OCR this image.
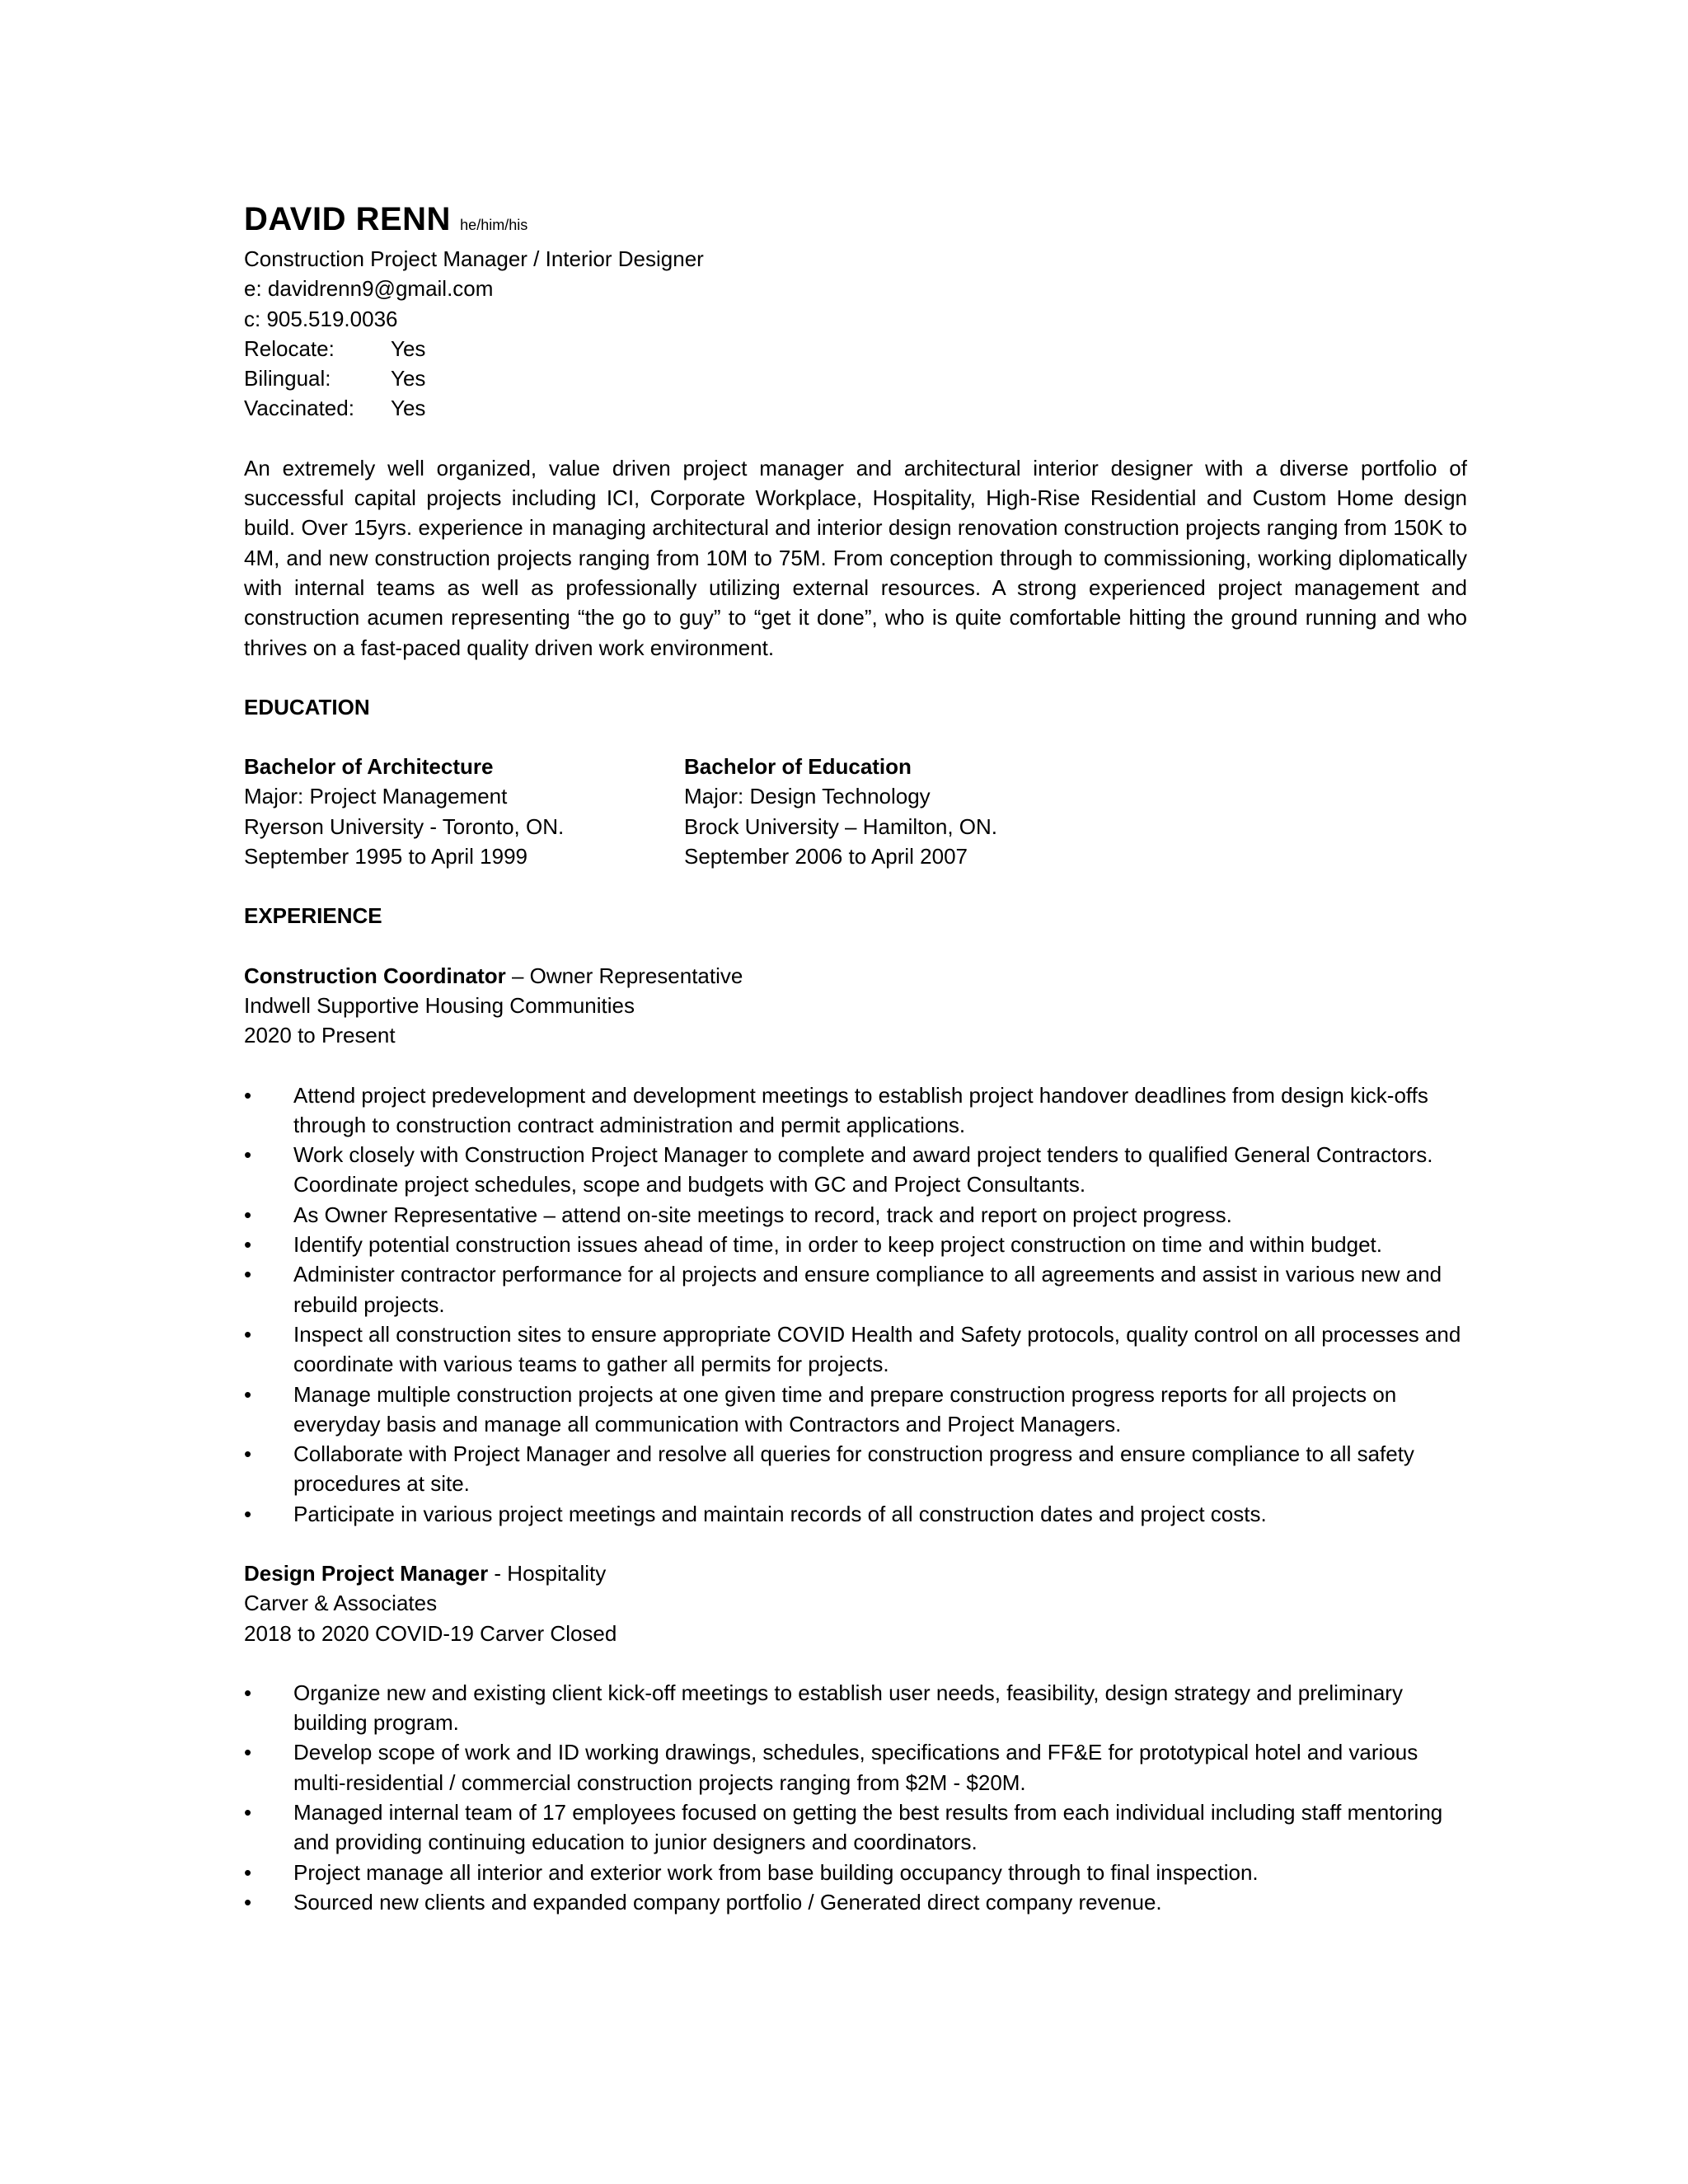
DAVID RENN he/him/his
Construction Project Manager / Interior Designer
e: davidrenn9@gmail.com
c: 905.519.0036
Relocate:	Yes
Bilingual:	Yes
Vaccinated: Yes
An extremely well organized, value driven project manager and architectural interior designer with a diverse portfolio of successful capital projects including ICI, Corporate Workplace, Hospitality, High-Rise Residential and Custom Home design build. Over 15yrs. experience in managing architectural and interior design renovation construction projects ranging from 150K to 4M, and new construction projects ranging from 10M to 75M. From conception through to commissioning, working diplomatically with internal teams as well as professionally utilizing external resources. A strong experienced project management and construction acumen representing “the go to guy” to “get it done”, who is quite comfortable hitting the ground running and who thrives on a fast-paced quality driven work environment.
EDUCATION
Bachelor of Architecture
Major: Project Management
Ryerson University - Toronto, ON.
September 1995 to April 1999
Bachelor of Education
Major: Design Technology
Brock University – Hamilton, ON.
September 2006 to April 2007
EXPERIENCE
Construction Coordinator – Owner Representative
Indwell Supportive Housing Communities
2020 to Present
• Attend project predevelopment and development meetings to establish project handover deadlines from design kick-offs through to construction contract administration and permit applications.
• Work closely with Construction Project Manager to complete and award project tenders to qualified General Contractors.
Coordinate project schedules, scope and budgets with GC and Project Consultants.
• As Owner Representative – attend on-site meetings to record, track and report on project progress.
• Identify potential construction issues ahead of time, in order to keep project construction on time and within budget.
• Administer contractor performance for al projects and ensure compliance to all agreements and assist in various new and rebuild projects.
• Inspect all construction sites to ensure appropriate COVID Health and Safety protocols, quality control on all processes and coordinate with various teams to gather all permits for projects.
• Manage multiple construction projects at one given time and prepare construction progress reports for all projects on everyday basis and manage all communication with Contractors and Project Managers.
• Collaborate with Project Manager and resolve all queries for construction progress and ensure compliance to all safety procedures at site.
• Participate in various project meetings and maintain records of all construction dates and project costs.
Design Project Manager - Hospitality
Carver & Associates
2018 to 2020 COVID-19 Carver Closed
• Organize new and existing client kick-off meetings to establish user needs, feasibility, design strategy and preliminary building program.
• Develop scope of work and ID working drawings, schedules, specifications and FF&E for prototypical hotel and various multi-residential / commercial construction projects ranging from $2M - $20M.
• Managed internal team of 17 employees focused on getting the best results from each individual including staff mentoring and providing continuing education to junior designers and coordinators.
• Project manage all interior and exterior work from base building occupancy through to final inspection.
• Sourced new clients and expanded company portfolio / Generated direct company revenue.
